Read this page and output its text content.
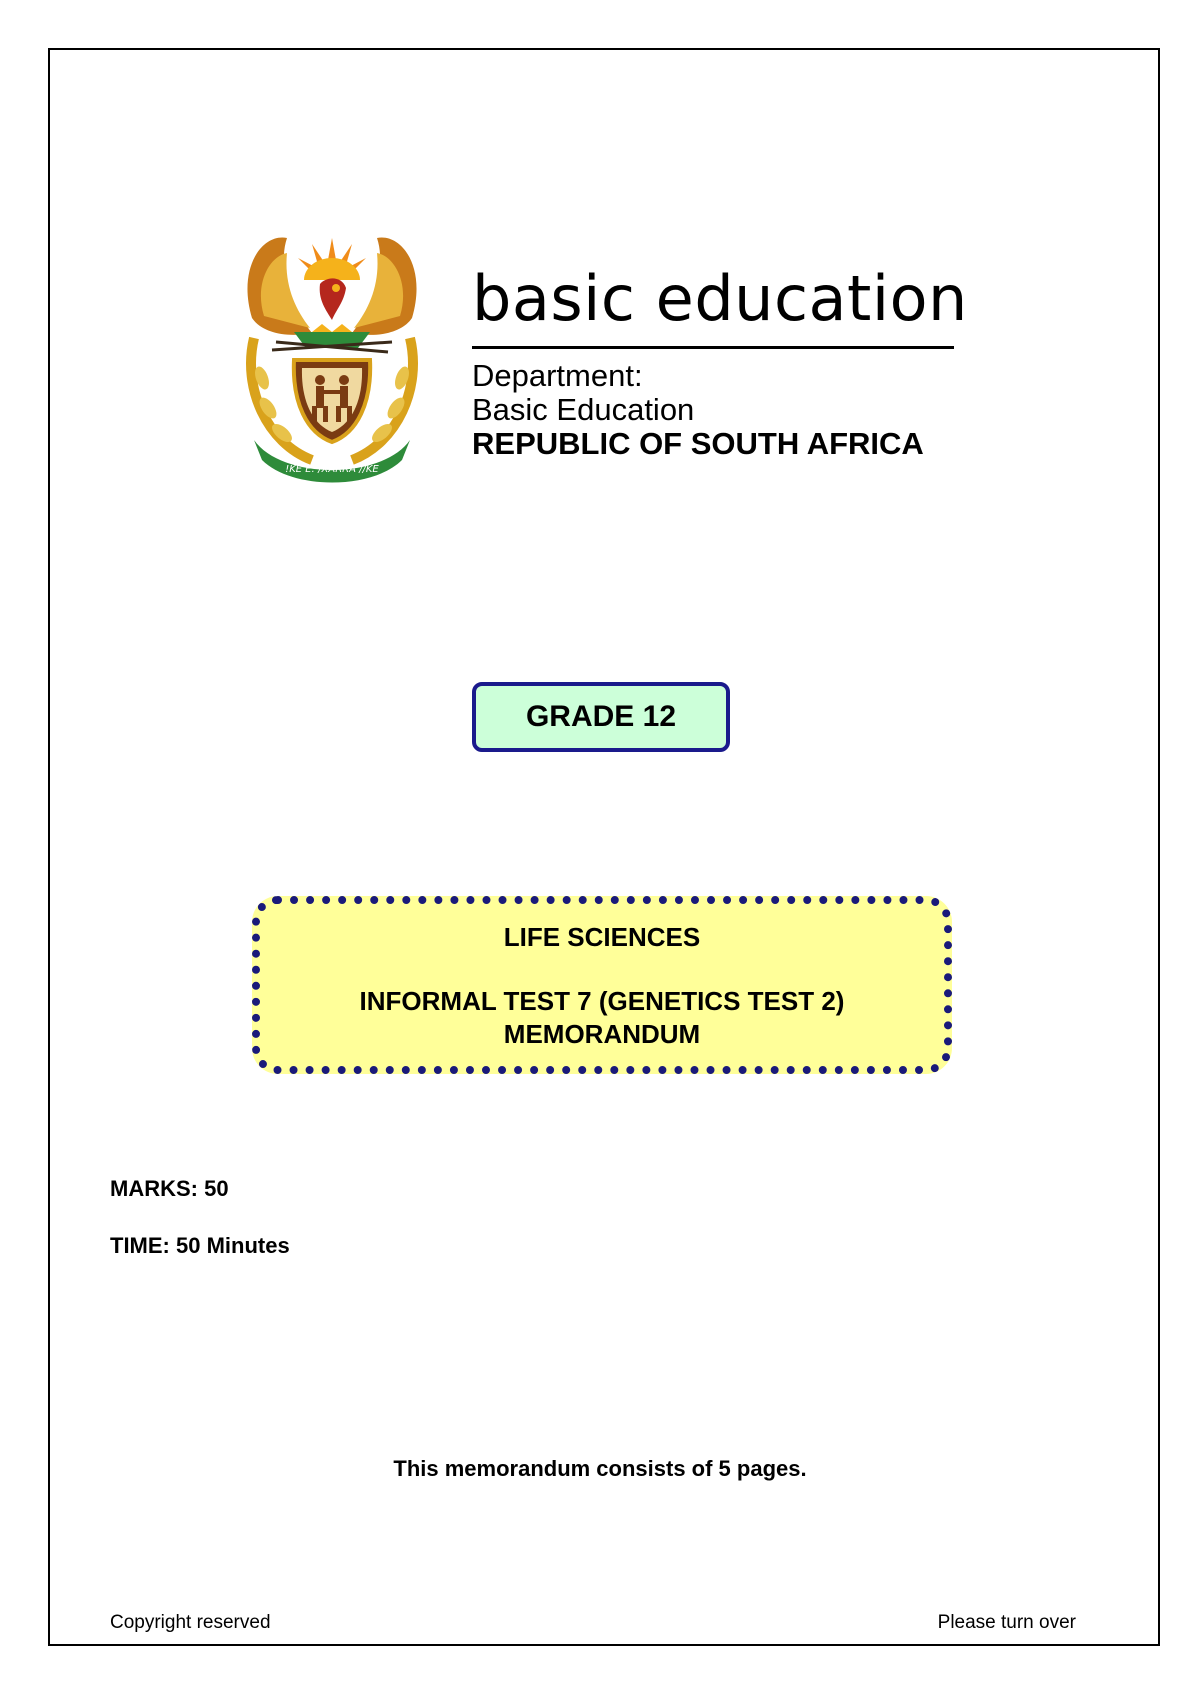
!KE E: /XARRA //KE
basic education
Department:
Basic Education
REPUBLIC OF SOUTH AFRICA
GRADE 12
LIFE SCIENCES
INFORMAL TEST 7 (GENETICS TEST 2)
MEMORANDUM
MARKS: 50
TIME: 50 Minutes
This memorandum consists of 5 pages.
Copyright reserved	Please turn over
